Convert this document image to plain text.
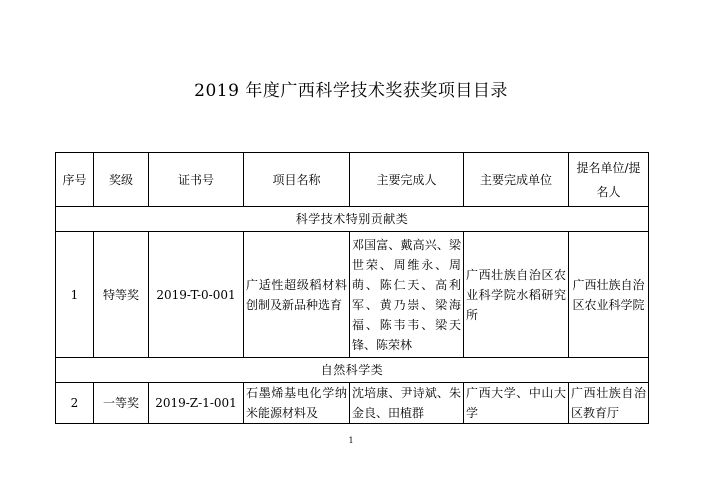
2019 年度广西科学技术奖获奖项目目录
序号	奖级	证书号	项目名称	主要完成人	主要完成单位	提名单位/提名人
科学技术特别贡献类						
1	特等奖	2019-T-0-001	广适性超级稻材料创制及新品种选育	邓国富、戴高兴、梁世荣、周维永、周萌、陈仁天、高利军、黄乃崇、梁海福、陈韦韦、梁天锋、陈荣林	广西壮族自治区农业科学院水稻研究所	广西壮族自治区农业科学院
自然科学类						
2	一等奖	2019-Z-1-001	石墨烯基电化学纳米能源材料及	沈培康、尹诗斌、朱金良、田植群	广西大学、中山大学	广西壮族自治区教育厅
1
